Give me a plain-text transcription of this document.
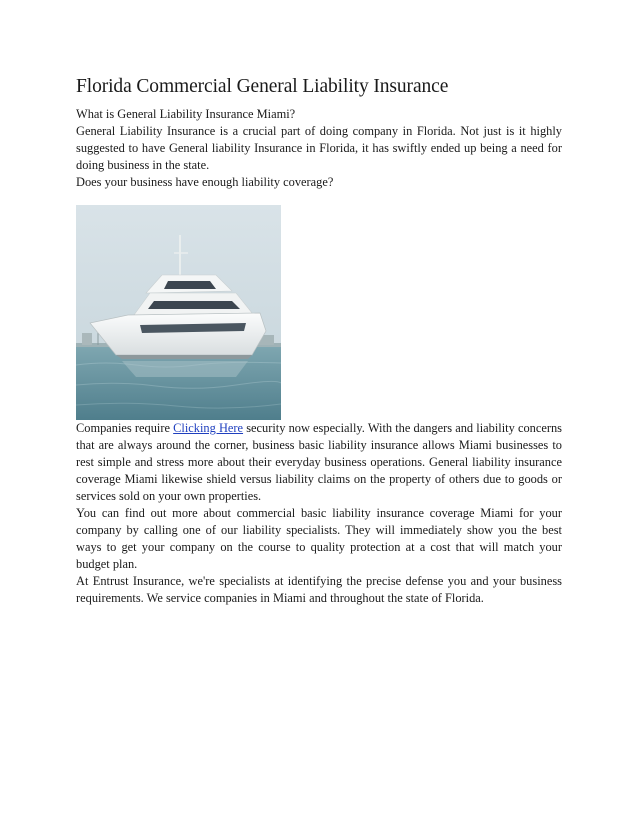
Florida Commercial General Liability Insurance
What is General Liability Insurance Miami?

General Liability Insurance is a crucial part of doing company in Florida. Not just is it highly suggested to have General liability Insurance in Florida, it has swiftly ended up being a need for doing business in the state.

Does your business have enough liability coverage?

Companies require Clicking Here security now especially. With the dangers and liability concerns that are always around the corner, business basic liability insurance allows Miami businesses to rest simple and stress more about their everyday business operations. General liability insurance coverage Miami likewise shield versus liability claims on the property of others due to goods or services sold on your own properties.

You can find out more about commercial basic liability insurance coverage Miami for your company by calling one of our liability specialists. They will immediately show you the best ways to get your company on the course to quality protection at a cost that will match your budget plan.

At Entrust Insurance, we're specialists at identifying the precise defense you and your business requirements. We service companies in Miami and throughout the state of Florida.
